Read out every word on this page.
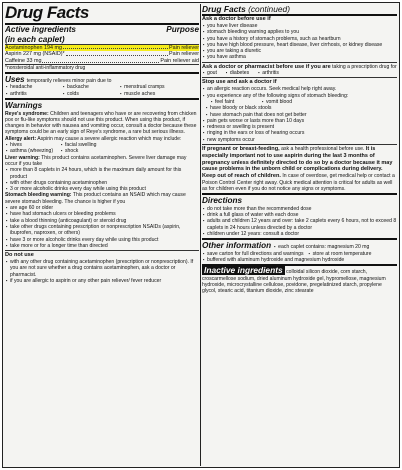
Drug Facts
Active ingredients	Purpose
(in each caplet)
Acetaminophen 194 mg	Pain reliever
Aspirin 227 mg (NSAID)*	Pain reliever
Caffeine 33 mg	Pain reliever aid
*nonsteroidal anti-inflammatory drug
Uses temporarily relieves minor pain due to
▪ headache	▪ backache	▪ menstrual cramps
▪ arthritis	▪ colds	▪ muscle aches
Warnings
Reye's syndrome: Children and teenagers who have or are recovering from chicken pox or flu-like symptoms should not use this product. When using this product, if changes in behavior with nausea and vomiting occur, consult a doctor because these symptoms could be an early sign of Reye's syndrome, a rare but serious illness.
Allergy alert: Aspirin may cause a severe allergic reaction which may include:
▪ hives	▪ facial swelling
▪ asthma (wheezing)	▪ shock
Liver warning: This product contains acetaminophen. Severe liver damage may occur if you take
▪ more than 8 caplets in 24 hours, which is the maximum daily amount for this product
▪ with other drugs containing acetaminophen
▪ 3 or more alcoholic drinks every day while using this product
Stomach bleeding warning: This product contains an NSAID which may cause severe stomach bleeding. The chance is higher if you
▪ are age 60 or older
▪ have had stomach ulcers or bleeding problems
▪ take a blood thinning (anticoagulant) or steroid drug
▪ take other drugs containing prescription or nonprescription NSAIDs (aspirin, ibuprofen, naproxen, or others)
▪ have 3 or more alcoholic drinks every day while using this product
▪ take more or for a longer time than directed
Do not use
▪ with any other drug containing acetaminophen (prescription or nonprescription). If you are not sure whether a drug contains acetaminophen, ask a doctor or pharmacist.
▪ if you are allergic to aspirin or any other pain reliever/ fever reducer
Drug Facts (continued)
Ask a doctor before use if
▪ you have liver disease
▪ stomach bleeding warning applies to you
▪ you have a history of stomach problems, such as heartburn
▪ you have high blood pressure, heart disease, liver cirrhosis, or kidney disease
▪ you are taking a diuretic
▪ you have asthma
Ask a doctor or pharmacist before use if you are taking a prescription drug for
▪ gout	▪ diabetes	▪ arthritis
Stop use and ask a doctor if
▪ an allergic reaction occurs. Seek medical help right away.
▪ you experience any of the following signs of stomach bleeding:
▪ feel faint	▪ vomit blood
▪ have bloody or black stools
▪ have stomach pain that does not get better
▪ pain gets worse or lasts more than 10 days
▪ redness or swelling is present
▪ ringing in the ears or loss of hearing occurs
▪ new symptoms occur
If pregnant or breast-feeding, ask a health professional before use. It is especially important not to use aspirin during the last 3 months of pregnancy unless definitely directed to do so by a doctor because it may cause problems in the unborn child or complications during delivery.
Keep out of reach of children. In case of overdose, get medical help or contact a Poison Control Center right away. Quick medical attention is critical for adults as well as for children even if you do not notice any signs or symptoms.
Directions
▪ do not take more than the recommended dose
▪ drink a full glass of water with each dose
▪ adults and children 12 years and over: take 2 caplets every 6 hours, not to exceed 8 caplets in 24 hours unless directed by a doctor
▪ children under 12 years: consult a doctor
Other information	▪ each caplet contains: magnesium 20 mg
▪ save carton for full directions and warnings	▪ store at room temperature
▪ buffered with aluminum hydroxide and magnesium hydroxide
Inactive ingredients colloidal silicon dioxide, corn starch, croscarmellose sodium, dried aluminum hydroxide gel, hypromellose, magnesium hydroxide, microcrystalline cellulose, povidone, pregelatinized starch, propylene glycol, stearic acid, titanium dioxide, zinc stearate
